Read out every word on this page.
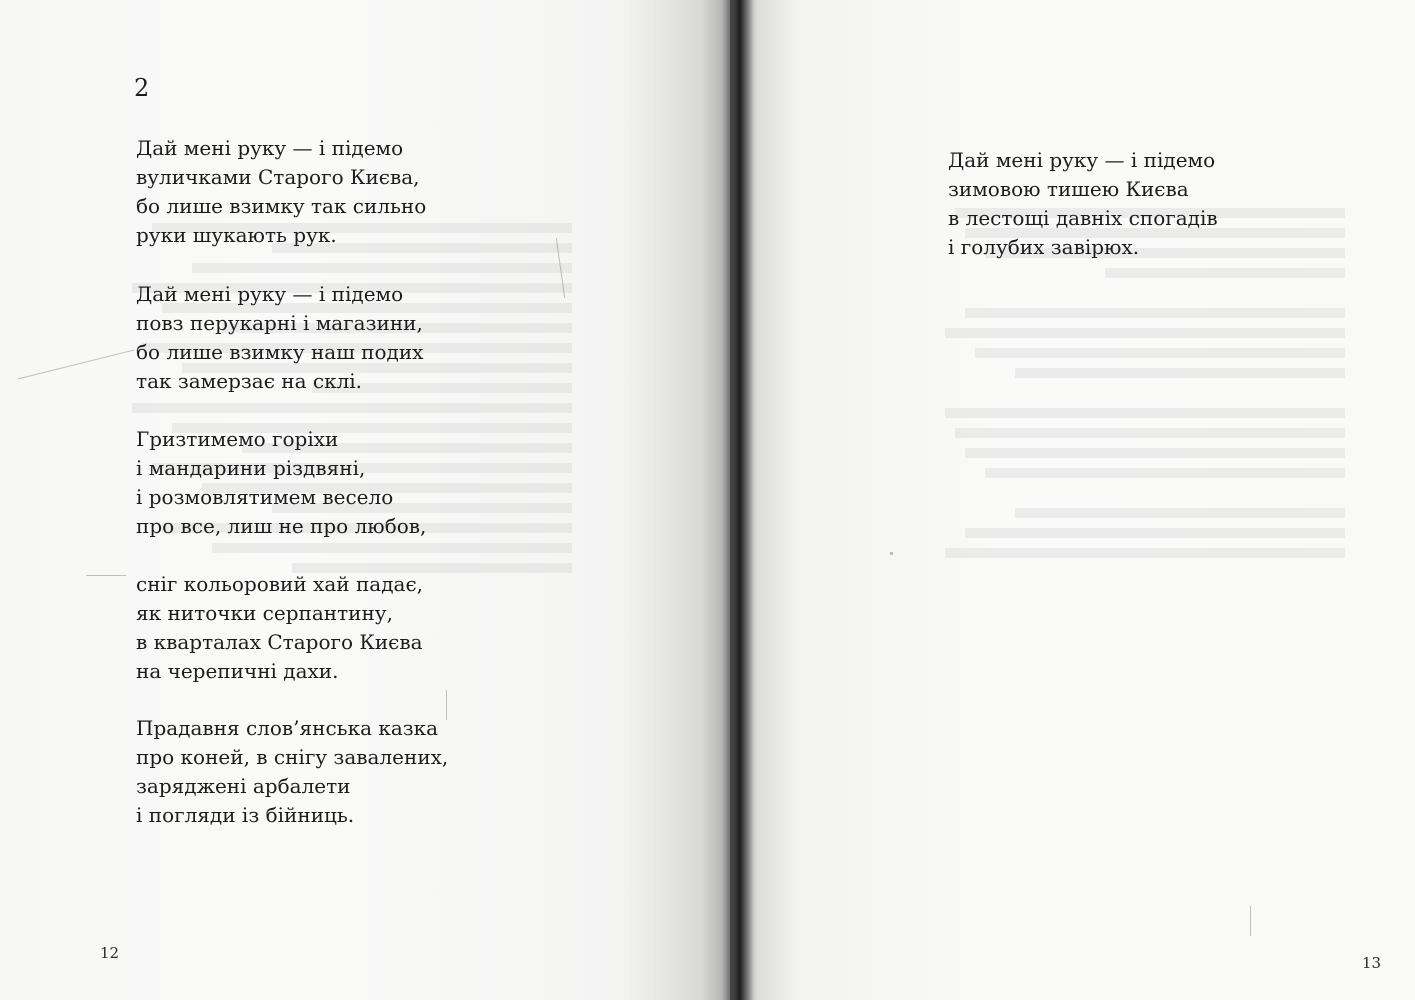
2
Дай мені руку — і підемо
вуличками Старого Києва,
бо лише взимку так сильно
руки шукають рук.
Дай мені руку — і підемо
повз перукарні і магазини,
бо лише взимку наш подих
так замерзає на склі.
Гризтимемо горіхи
і мандарини різдвяні,
і розмовлятимем весело
про все, лиш не про любов,
сніг кольоровий хай падає,
як ниточки серпантину,
в кварталах Старого Києва
на черепичні дахи.
Прадавня слов’янська казка
про коней, в снігу завалених,
заряджені арбалети
і погляди із бійниць.
12

Дай мені руку — і підемо
зимовою тишею Києва
в лестощі давніх спогадів
і голубих завірюх.
13
